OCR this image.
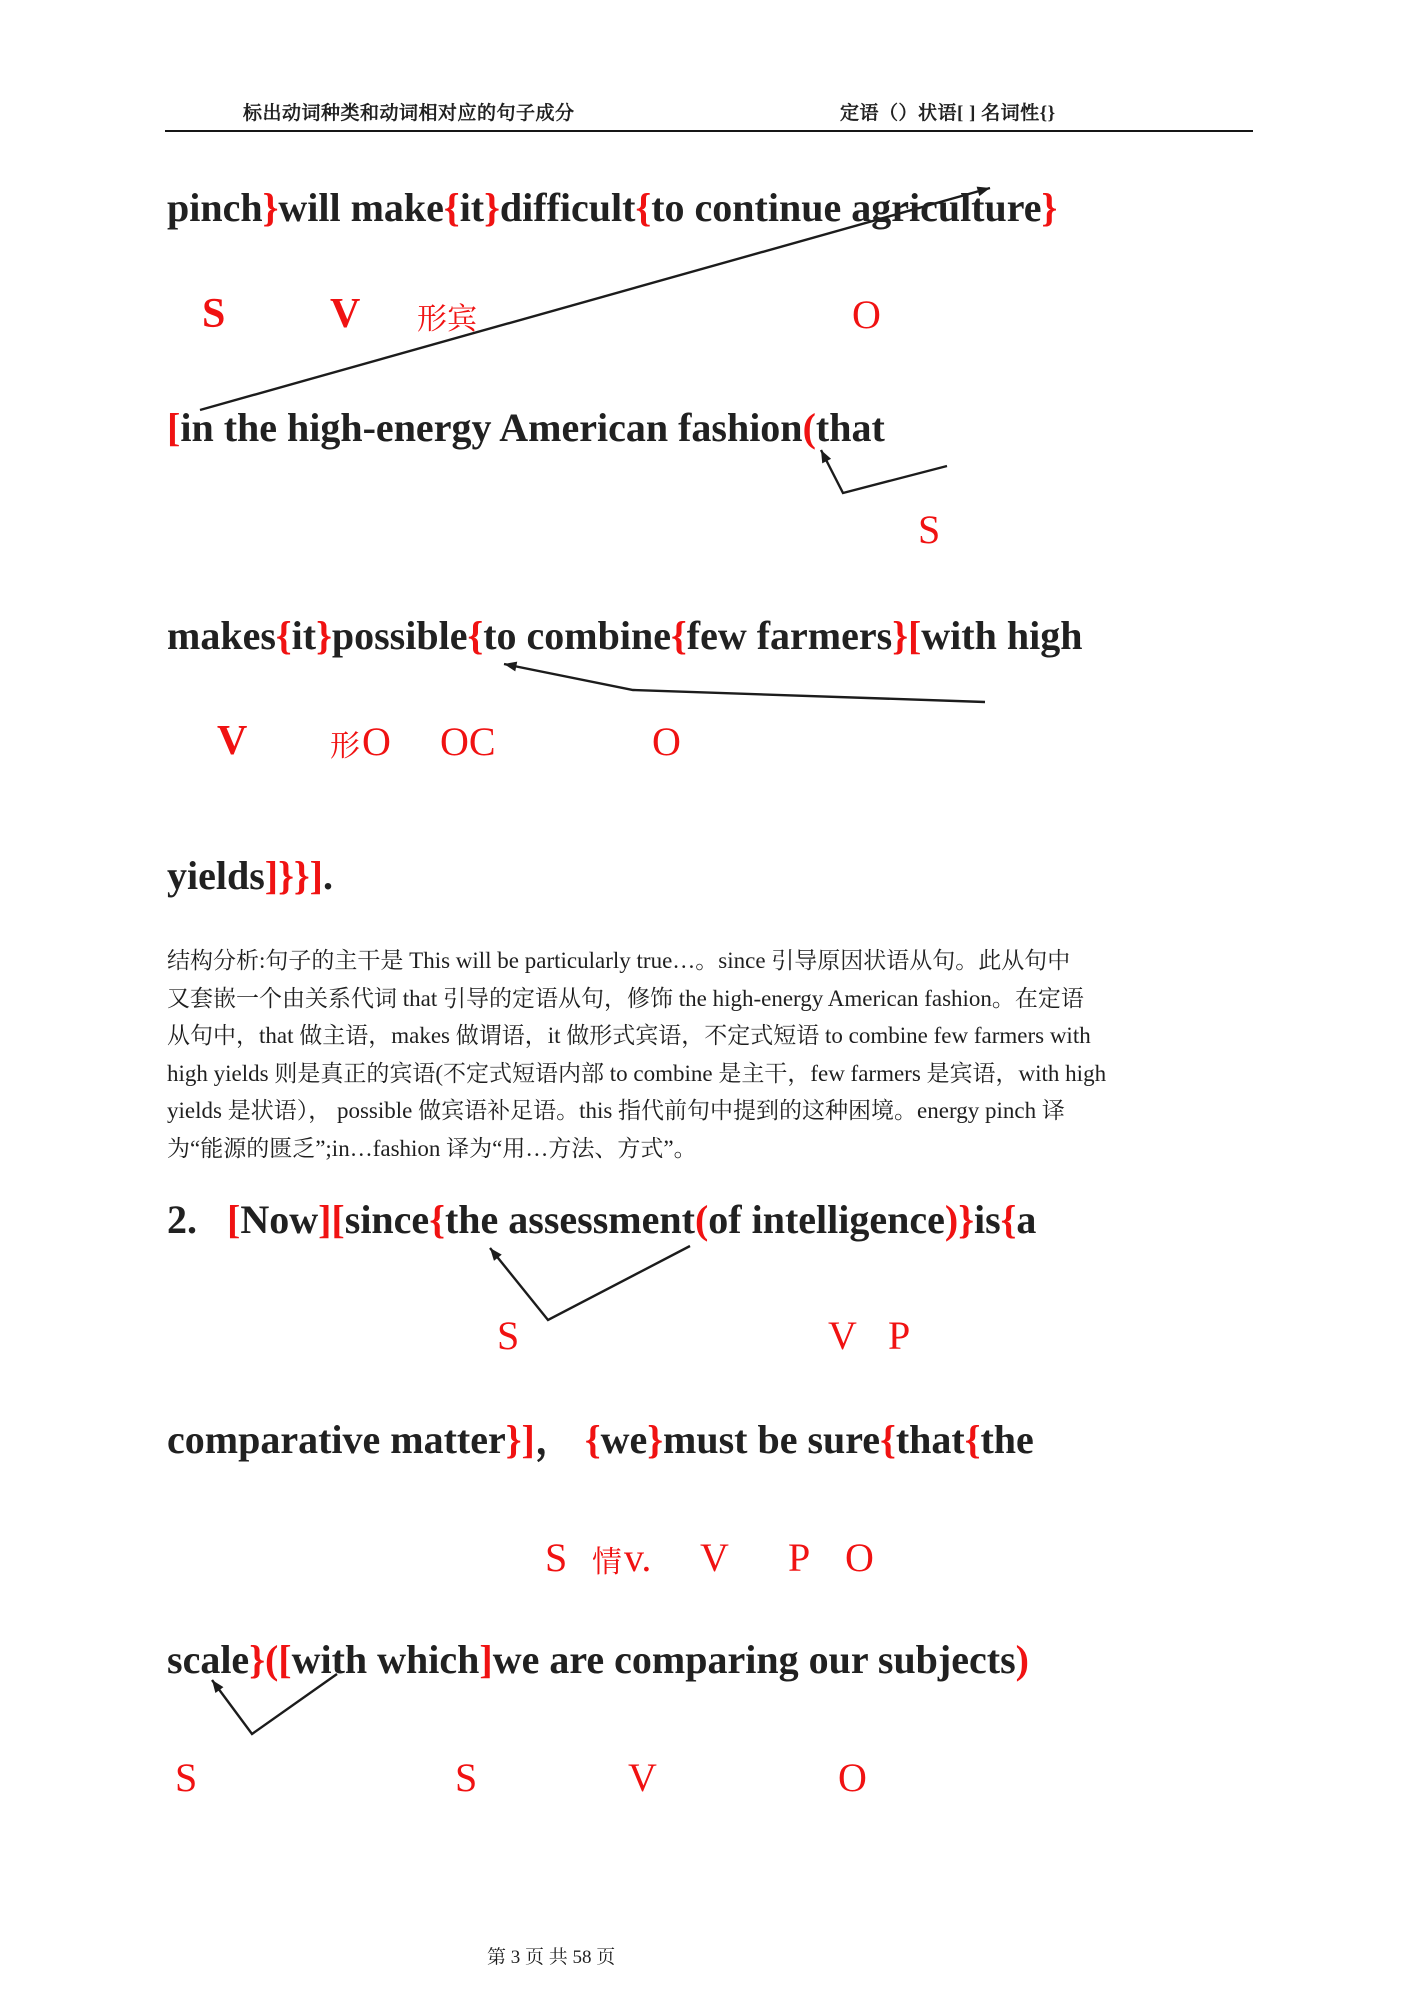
标出动词种类和动词相对应的句子成分	定语（）状语[ ] 名词性{}
pinch}will make{it}difficult{to continue agriculture}
S V 形宾	O
[in the high-energy American fashion(that
S
makes{it}possible{to combine{few farmers}[with high
V	形 O OC	O
yields]}}].
结构分析:句子的主干是 This will be particularly true…。since 引导原因状语从句。此从句中
又套嵌一个由关系代词 that 引导的定语从句，修饰 the high-energy American fashion。在定语
从句中，that 做主语，makes 做谓语，it 做形式宾语，不定式短语 to combine few farmers with
high yields 则是真正的宾语(不定式短语内部 to combine 是主干，few farmers 是宾语，with high
yields 是状语）， possible 做宾语补足语。this 指代前句中提到的这种困境。energy pinch 译
为“能源的匮乏”;in…fashion 译为“用…方法、方式”。
2.   [Now][since{the assessment(of intelligence)}is{a
S	V P
comparative matter}]， {we}must be sure{that{the
S 情 v. V P O
scale}([with which]we are comparing our subjects)
S	S	V	O
第 3 页 共 58 页
